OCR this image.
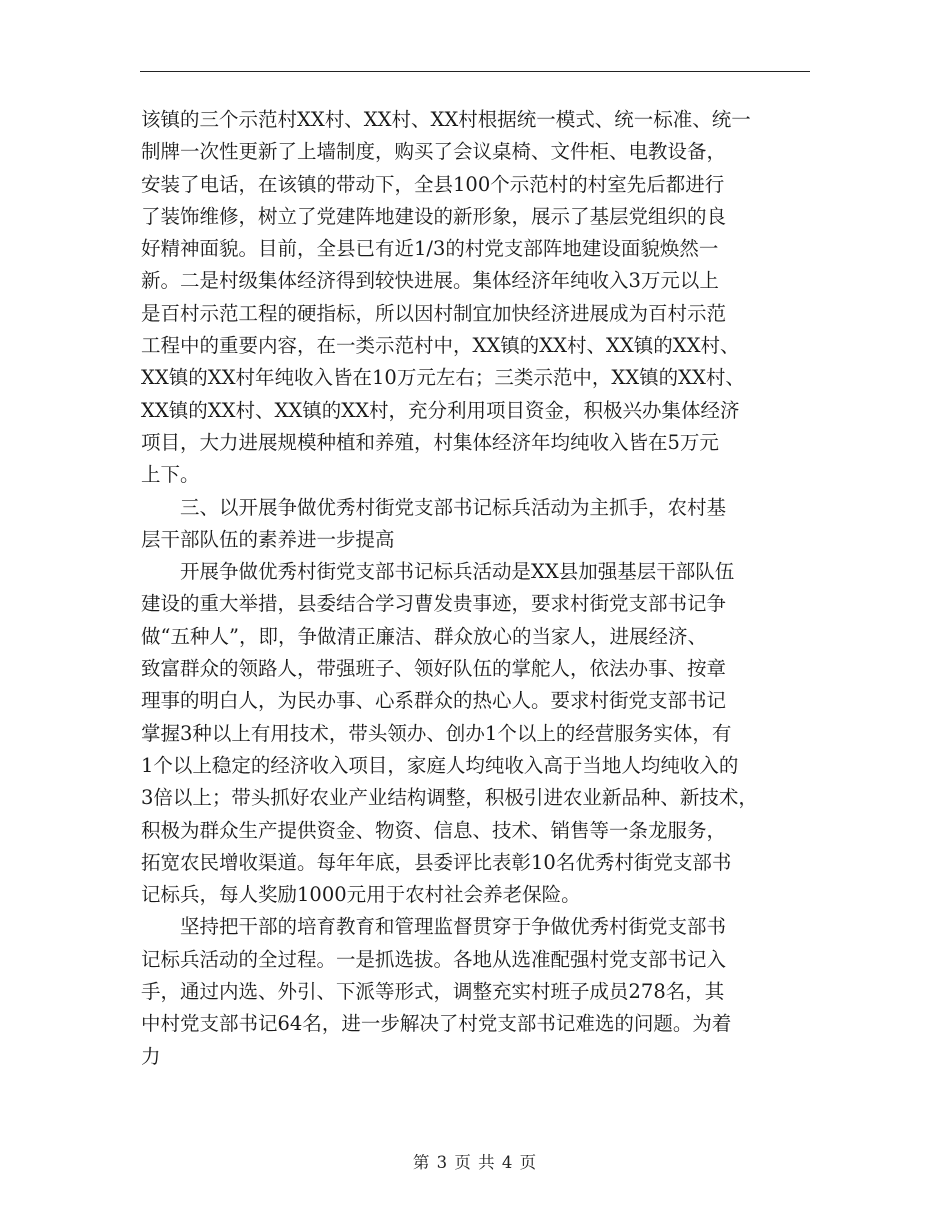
该镇的三个示范村XX村、XX村、XX村根据统一模式、统一标准、统一
制牌一次性更新了上墙制度，购买了会议桌椅、文件柜、电教设备，
安装了电话，在该镇的带动下，全县100个示范村的村室先后都进行
了装饰维修，树立了党建阵地建设的新形象，展示了基层党组织的良
好精神面貌。目前，全县已有近1/3的村党支部阵地建设面貌焕然一
新。二是村级集体经济得到较快进展。集体经济年纯收入3万元以上
是百村示范工程的硬指标，所以因村制宜加快经济进展成为百村示范
工程中的重要内容，在一类示范村中，XX镇的XX村、XX镇的XX村、
XX镇的XX村年纯收入皆在10万元左右；三类示范中，XX镇的XX村、
XX镇的XX村、XX镇的XX村，充分利用项目资金，积极兴办集体经济
项目，大力进展规模种植和养殖，村集体经济年均纯收入皆在5万元
上下。
　　三、以开展争做优秀村街党支部书记标兵活动为主抓手，农村基
层干部队伍的素养进一步提高
　　开展争做优秀村街党支部书记标兵活动是XX县加强基层干部队伍
建设的重大举措，县委结合学习曹发贵事迹，要求村街党支部书记争
做“五种人”，即，争做清正廉洁、群众放心的当家人，进展经济、
致富群众的领路人，带强班子、领好队伍的掌舵人，依法办事、按章
理事的明白人，为民办事、心系群众的热心人。要求村街党支部书记
掌握3种以上有用技术，带头领办、创办1个以上的经营服务实体，有
1个以上稳定的经济收入项目，家庭人均纯收入高于当地人均纯收入的
3倍以上；带头抓好农业产业结构调整，积极引进农业新品种、新技术，
积极为群众生产提供资金、物资、信息、技术、销售等一条龙服务，
拓宽农民增收渠道。每年年底，县委评比表彰10名优秀村街党支部书
记标兵，每人奖励1000元用于农村社会养老保险。
　　坚持把干部的培育教育和管理监督贯穿于争做优秀村街党支部书
记标兵活动的全过程。一是抓选拔。各地从选准配强村党支部书记入
手，通过内选、外引、下派等形式，调整充实村班子成员278名，其
中村党支部书记64名，进一步解决了村党支部书记难选的问题。为着
力
第 3 页 共 4 页
